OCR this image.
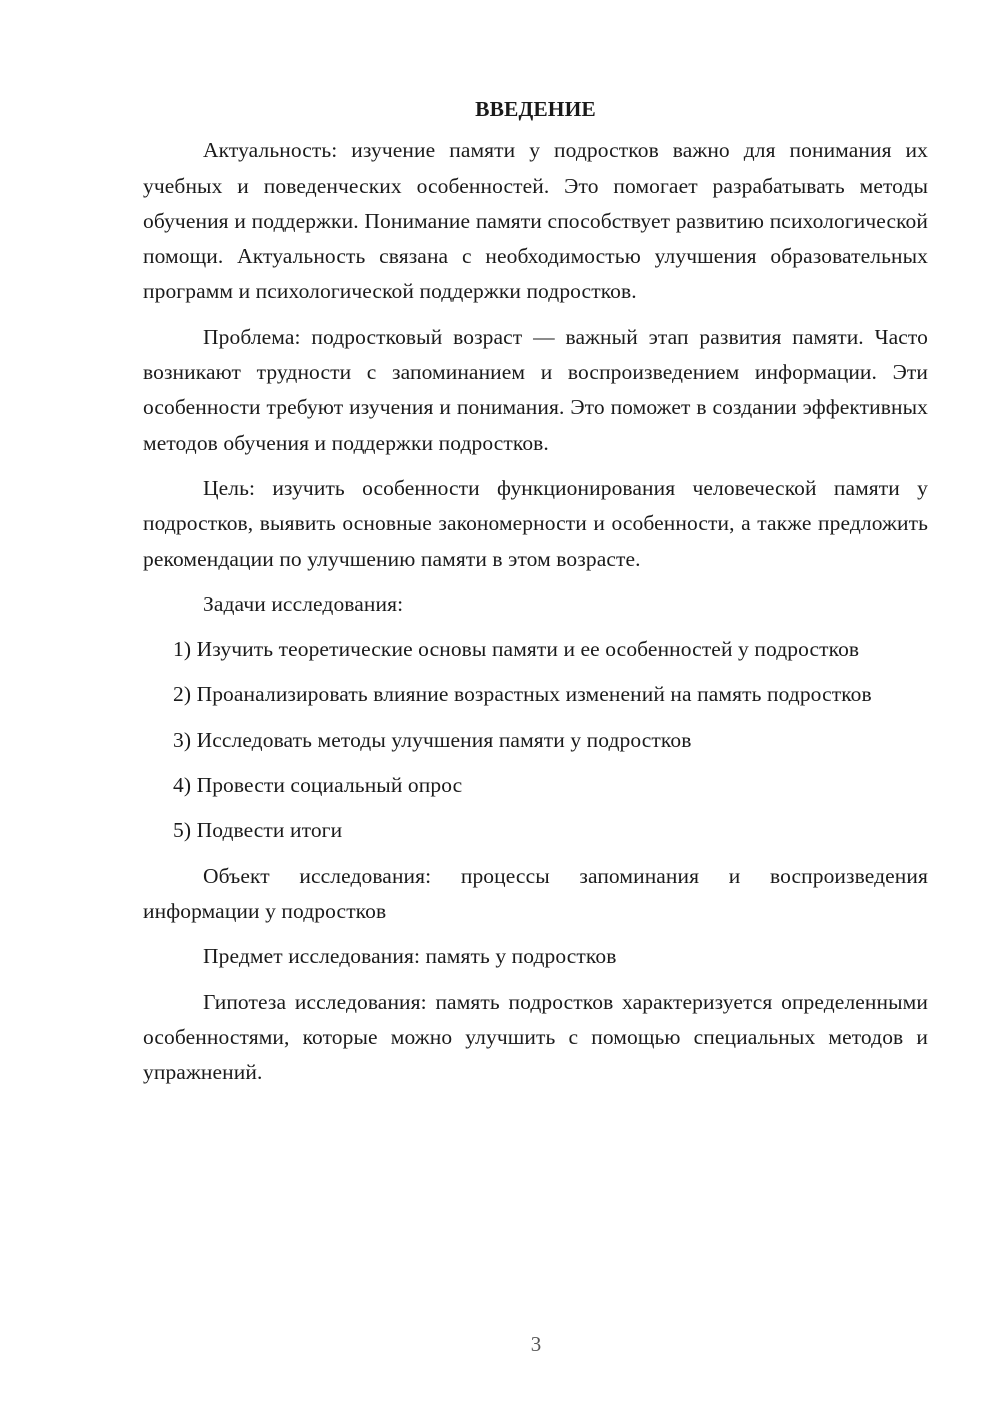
ВВЕДЕНИЕ

Актуальность: изучение памяти у подростков важно для понимания их учебных и поведенческих особенностей. Это помогает разрабатывать методы обучения и поддержки. Понимание памяти способствует развитию психологической помощи. Актуальность связана с необходимостью улучшения образовательных программ и психологической поддержки подростков.

Проблема: подростковый возраст — важный этап развития памяти. Часто возникают трудности с запоминанием и воспроизведением информации. Эти особенности требуют изучения и понимания. Это поможет в создании эффективных методов обучения и поддержки подростков.

Цель: изучить особенности функционирования человеческой памяти у подростков, выявить основные закономерности и особенности, а также предложить рекомендации по улучшению памяти в этом возрасте.

Задачи исследования:

1) Изучить теоретические основы памяти и ее особенностей у подростков

2) Проанализировать влияние возрастных изменений на память подростков

3) Исследовать методы улучшения памяти у подростков

4) Провести социальный опрос

5) Подвести итоги

Объект исследования: процессы запоминания и воспроизведения информации у подростков

Предмет исследования: память у подростков

Гипотеза исследования: память подростков характеризуется определенными особенностями, которые можно улучшить с помощью специальных методов и упражнений.

3
